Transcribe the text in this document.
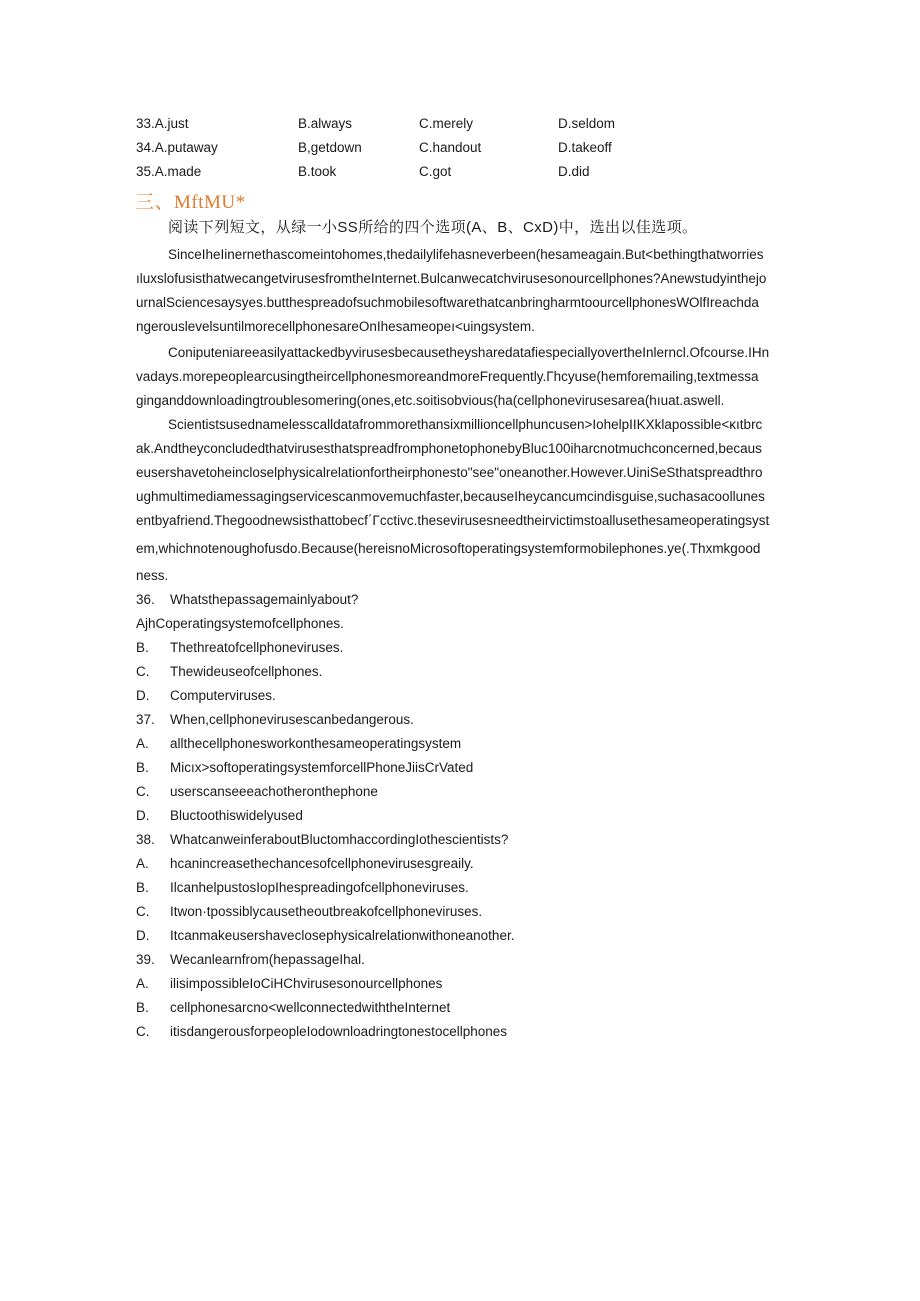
33.A.just	B.always	C.merely	D.seldom
34.A.putaway	B,getdown	C.handout	D.takeoff
35.A.made	B.took	C.got	D.did
三、MftMU*
阅读下列短文，从绿一小SS所给的四个选项(A、B、CxD)中，选出以佳选项。
SinceIheIinernethascomeintohomes,thedailylifehasneverbeen(hesameagain.But<bethingthatworries
ıluxslofusisthatwecangetvirusesfromtheInternet.Bulcanwecatchvirusesonourcellphones?Anewstudyinthejo
urnalSciencesaysyes.butthespreadofsuchmobilesoftwarethatcanbringharmtoourcellphonesWOlfIreachda
ngerouslevelsuntilmorecellphonesareOnIhesameopeı<uingsystem.
ConiputeniareeasilyattackedbyvirusesbecausetheysharedataﬁespeciallyovertheInlerncl.Ofcourse.IHn
vadays.morepeoplearcusingtheircellphonesmoreandmoreFrequently.Γhcyuse(hemforemailing,textmessa
ginganddownloadingtroublesomering(ones,etc.soitisobvious(ha(cellphonevirusesarea(hıuat.aswell.
Scientistsusednamelesscalldatafrommorethansixmillioncellphuncusen>IohelpIIKXklapossible<κıtbrc
ak.AndtheyconcludedthatvirusesthatspreadfromphonetophonebyBluc100iharcnotmuchconcerned,becaus
eusershavetoheincloselphysicalrelationfortheirphonesto"see"oneanother.However.UiniSeSthatspreadthro
ughmultimediamessagingservicescanmovemuchfaster,becauseIheycancumcindisguise,suchasacoollunes
entbyafriend.Thegoodnewsisthattobecf΄Γcctivc.thesevirusesneedtheirvictimstoallusethesameoperatingsyst
em,whichnotenoughofusdo.Because(hereisnoMicrosoftoperatingsystemformobilephones.ye(.Thxmkgood
ness.
36. Whatsthepassagemainlyabout?
AjhCoperatingsystemofcellphones.
B. Thethreatofcellphoneviruses.
C. Thewideuseofcellphones.
D. Computerviruses.
37. When,cellphonevirusescanbedangerous.
A. allthecellphonesworkonthesameoperatingsystem
B. Micıx>softoperatingsystemforcellPhoneJiisCrVated
C. userscanseeeachotheronthephone
D. Bluctoothiswidelyused
38. WhatcanweinferaboutBluctomhaccordingIothescientists?
A. hcanincreasethechancesofcellphonevirusesgreaily.
B. IlcanhelpustosIopIhespreadingofcellphoneviruses.
C. Itwon·tpossiblycausetheoutbreakofcellphoneviruses.
D. Itcanmakeusershaveclosephysicalrelationwithoneanother.
39. Wecanlearnfrom(hepassageIhal.
A. ilisimpossibleIoCiHChvirusesonourcellphones
B. cellphonesarcno<wellconnectedwiththeInternet
C. itisdangerousforpeopleIodownloadringtonestocellphones
